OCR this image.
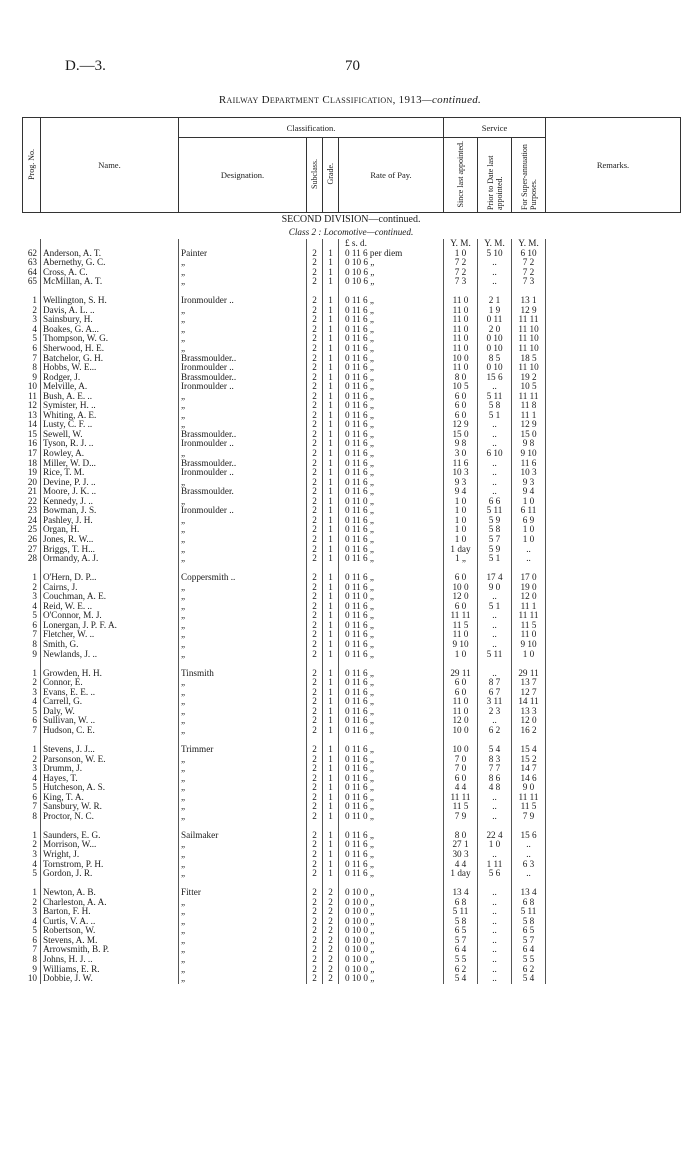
D.—3.	70
Railway Department Classification, 1913—continued.
Prog. No.	Name.	Classification.				Service			Remarks.
		Designation.	Subclass.	Grade.	Rate of Pay.	Since last appointed.	Prior to Date last appointed.	For Super-annuation Purposes.	
SECOND DIVISION—continued.									
Class 2 : Locomotive—continued.									
					£ s. d.	Y. M.	Y. M.	Y. M.	
62	Anderson, A. T.	Painter	2	1	0 11 6 per diem	1 0	5 10	6 10	
63	Abernethy, G. C.	„	2	1	0 10 6 „	7 2	..	7 2	
64	Cross, A. C.	„	2	1	0 10 6 „	7 2	..	7 2	
65	McMillan, A. T.	„	2	1	0 10 6 „	7 3	..	7 3	

1	Wellington, S. H.	Ironmoulder ..	2	1	0 11 6 „	11 0	2 1	13 1	
2	Davis, A. L. ..	„	2	1	0 11 6 „	11 0	1 9	12 9	
3	Sainsbury, H.	„	2	1	0 11 6 „	11 0	0 11	11 11	
4	Boakes, G. A...	„	2	1	0 11 6 „	11 0	2 0	11 10	
5	Thompson, W. G.	„	2	1	0 11 6 „	11 0	0 10	11 10	
6	Sherwood, H. E.	„	2	1	0 11 6 „	11 0	0 10	11 10	
7	Batchelor, G. H.	Brassmoulder..	2	1	0 11 6 „	10 0	8 5	18 5	
8	Hobbs, W. E...	Ironmoulder ..	2	1	0 11 6 „	11 0	0 10	11 10	
9	Rodger, J.	Brassmoulder..	2	1	0 11 6 „	8 0	15 6	19 2	
10	Melville, A.	Ironmoulder ..	2	1	0 11 6 „	10 5	..	10 5	
11	Bush, A. E. ..	„	2	1	0 11 6 „	6 0	5 11	11 11	
12	Symister, H. ..	„	2	1	0 11 6 „	6 0	5 8	11 8	
13	Whiting, A. E.	„	2	1	0 11 6 „	6 0	5 1	11 1	
14	Lusty, C. F. ..	„	2	1	0 11 6 „	12 9	..	12 9	
15	Sewell, W.	Brassmoulder..	2	1	0 11 6 „	15 0	..	15 0	
16	Tyson, R. J. ..	Ironmoulder ..	2	1	0 11 6 „	9 8	..	9 8	
17	Rowley, A.	„	2	1	0 11 6 „	3 0	6 10	9 10	
18	Miller, W. D...	Brassmoulder..	2	1	0 11 6 „	11 6	..	11 6	
19	Rice, T. M.	Ironmoulder ..	2	1	0 11 6 „	10 3	..	10 3	
20	Devine, P. J. ..	„	2	1	0 11 6 „	9 3	..	9 3	
21	Moore, J. K. ..	Brassmoulder.	2	1	0 11 6 „	9 4	..	9 4	
22	Kennedy, J. ..	„	2	1	0 11 0 „	1 0	6 6	1 0	
23	Bowman, J. S.	Ironmoulder ..	2	1	0 11 6 „	1 0	5 11	6 11	
24	Pashley, J. H.	„	2	1	0 11 6 „	1 0	5 9	6 9	
25	Organ, H.	„	2	1	0 11 6 „	1 0	5 8	1 0	
26	Jones, R. W...	„	2	1	0 11 6 „	1 0	5 7	1 0	
27	Briggs, T. H...	„	2	1	0 11 6 „	1 day	5 9	..	
28	Ormandy, A. J.	„	2	1	0 11 6 „	1 „	5 1	..	

1	O'Hern, D. P...	Coppersmith ..	2	1	0 11 6 „	6 0	17 4	17 0	
2	Cairns, J.	„	2	1	0 11 6 „	10 0	9 0	19 0	
3	Couchman, A. E.	„	2	1	0 11 0 „	12 0	..	12 0	
4	Reid, W. E. ..	„	2	1	0 11 6 „	6 0	5 1	11 1	
5	O'Connor, M. J.	„	2	1	0 11 6 „	11 11	..	11 11	
6	Lonergan, J. P. F. A.	„	2	1	0 11 6 „	11 5	..	11 5	
7	Fletcher, W. ..	„	2	1	0 11 6 „	11 0	..	11 0	
8	Smith, G.	„	2	1	0 11 6 „	9 10	..	9 10	
9	Newlands, J. ..	„	2	1	0 11 6 „	1 0	5 11	1 0	

1	Growden, H. H.	Tinsmith	2	1	0 11 6 „	29 11	..	29 11	
2	Connor, E.	„	2	1	0 11 6 „	6 0	8 7	13 7	
3	Evans, E. E. ..	„	2	1	0 11 6 „	6 0	6 7	12 7	
4	Carrell, G.	„	2	1	0 11 6 „	11 0	3 11	14 11	
5	Daly, W.	„	2	1	0 11 6 „	11 0	2 3	13 3	
6	Sullivan, W. ..	„	2	1	0 11 6 „	12 0	..	12 0	
7	Hudson, C. E.	„	2	1	0 11 6 „	10 0	6 2	16 2	

1	Stevens, J. J...	Trimmer	2	1	0 11 6 „	10 0	5 4	15 4	
2	Parsonson, W. E.	„	2	1	0 11 6 „	7 0	8 3	15 2	
3	Drumm, J.	„	2	1	0 11 6 „	7 0	7 7	14 7	
4	Hayes, T.	„	2	1	0 11 6 „	6 0	8 6	14 6	
5	Hutcheson, A. S.	„	2	1	0 11 6 „	4 4	4 8	9 0	
6	King, T. A.	„	2	1	0 11 6 „	11 11	..	11 11	
7	Sansbury, W. R.	„	2	1	0 11 6 „	11 5	..	11 5	
8	Proctor, N. C.	„	2	1	0 11 0 „	7 9	..	7 9	

1	Saunders, E. G.	Sailmaker	2	1	0 11 6 „	8 0	22 4	15 6	
2	Morrison, W...	„	2	1	0 11 6 „	27 1	1 0	..	
3	Wright, J.	„	2	1	0 11 6 „	30 3	..	..	
4	Tornstrom, P. H.	„	2	1	0 11 6 „	4 4	1 11	6 3	
5	Gordon, J. R.	„	2	1	0 11 6 „	1 day	5 6	..	

1	Newton, A. B.	Fitter	2	2	0 10 0 „	13 4	..	13 4	
2	Charleston, A. A.	„	2	2	0 10 0 „	6 8	..	6 8	
3	Barton, F. H.	„	2	2	0 10 0 „	5 11	..	5 11	
4	Curtis, V. A. ..	„	2	2	0 10 0 „	5 8	..	5 8	
5	Robertson, W.	„	2	2	0 10 0 „	6 5	..	6 5	
6	Stevens, A. M.	„	2	2	0 10 0 „	5 7	..	5 7	
7	Arrowsmith, B. P.	„	2	2	0 10 0 „	6 4	..	6 4	
8	Johns, H. J. ..	„	2	2	0 10 0 „	5 5	..	5 5	
9	Williams, E. R.	„	2	2	0 10 0 „	6 2	..	6 2	
10	Dobbie, J. W.	„	2	2	0 10 0 „	5 4	..	5 4	
